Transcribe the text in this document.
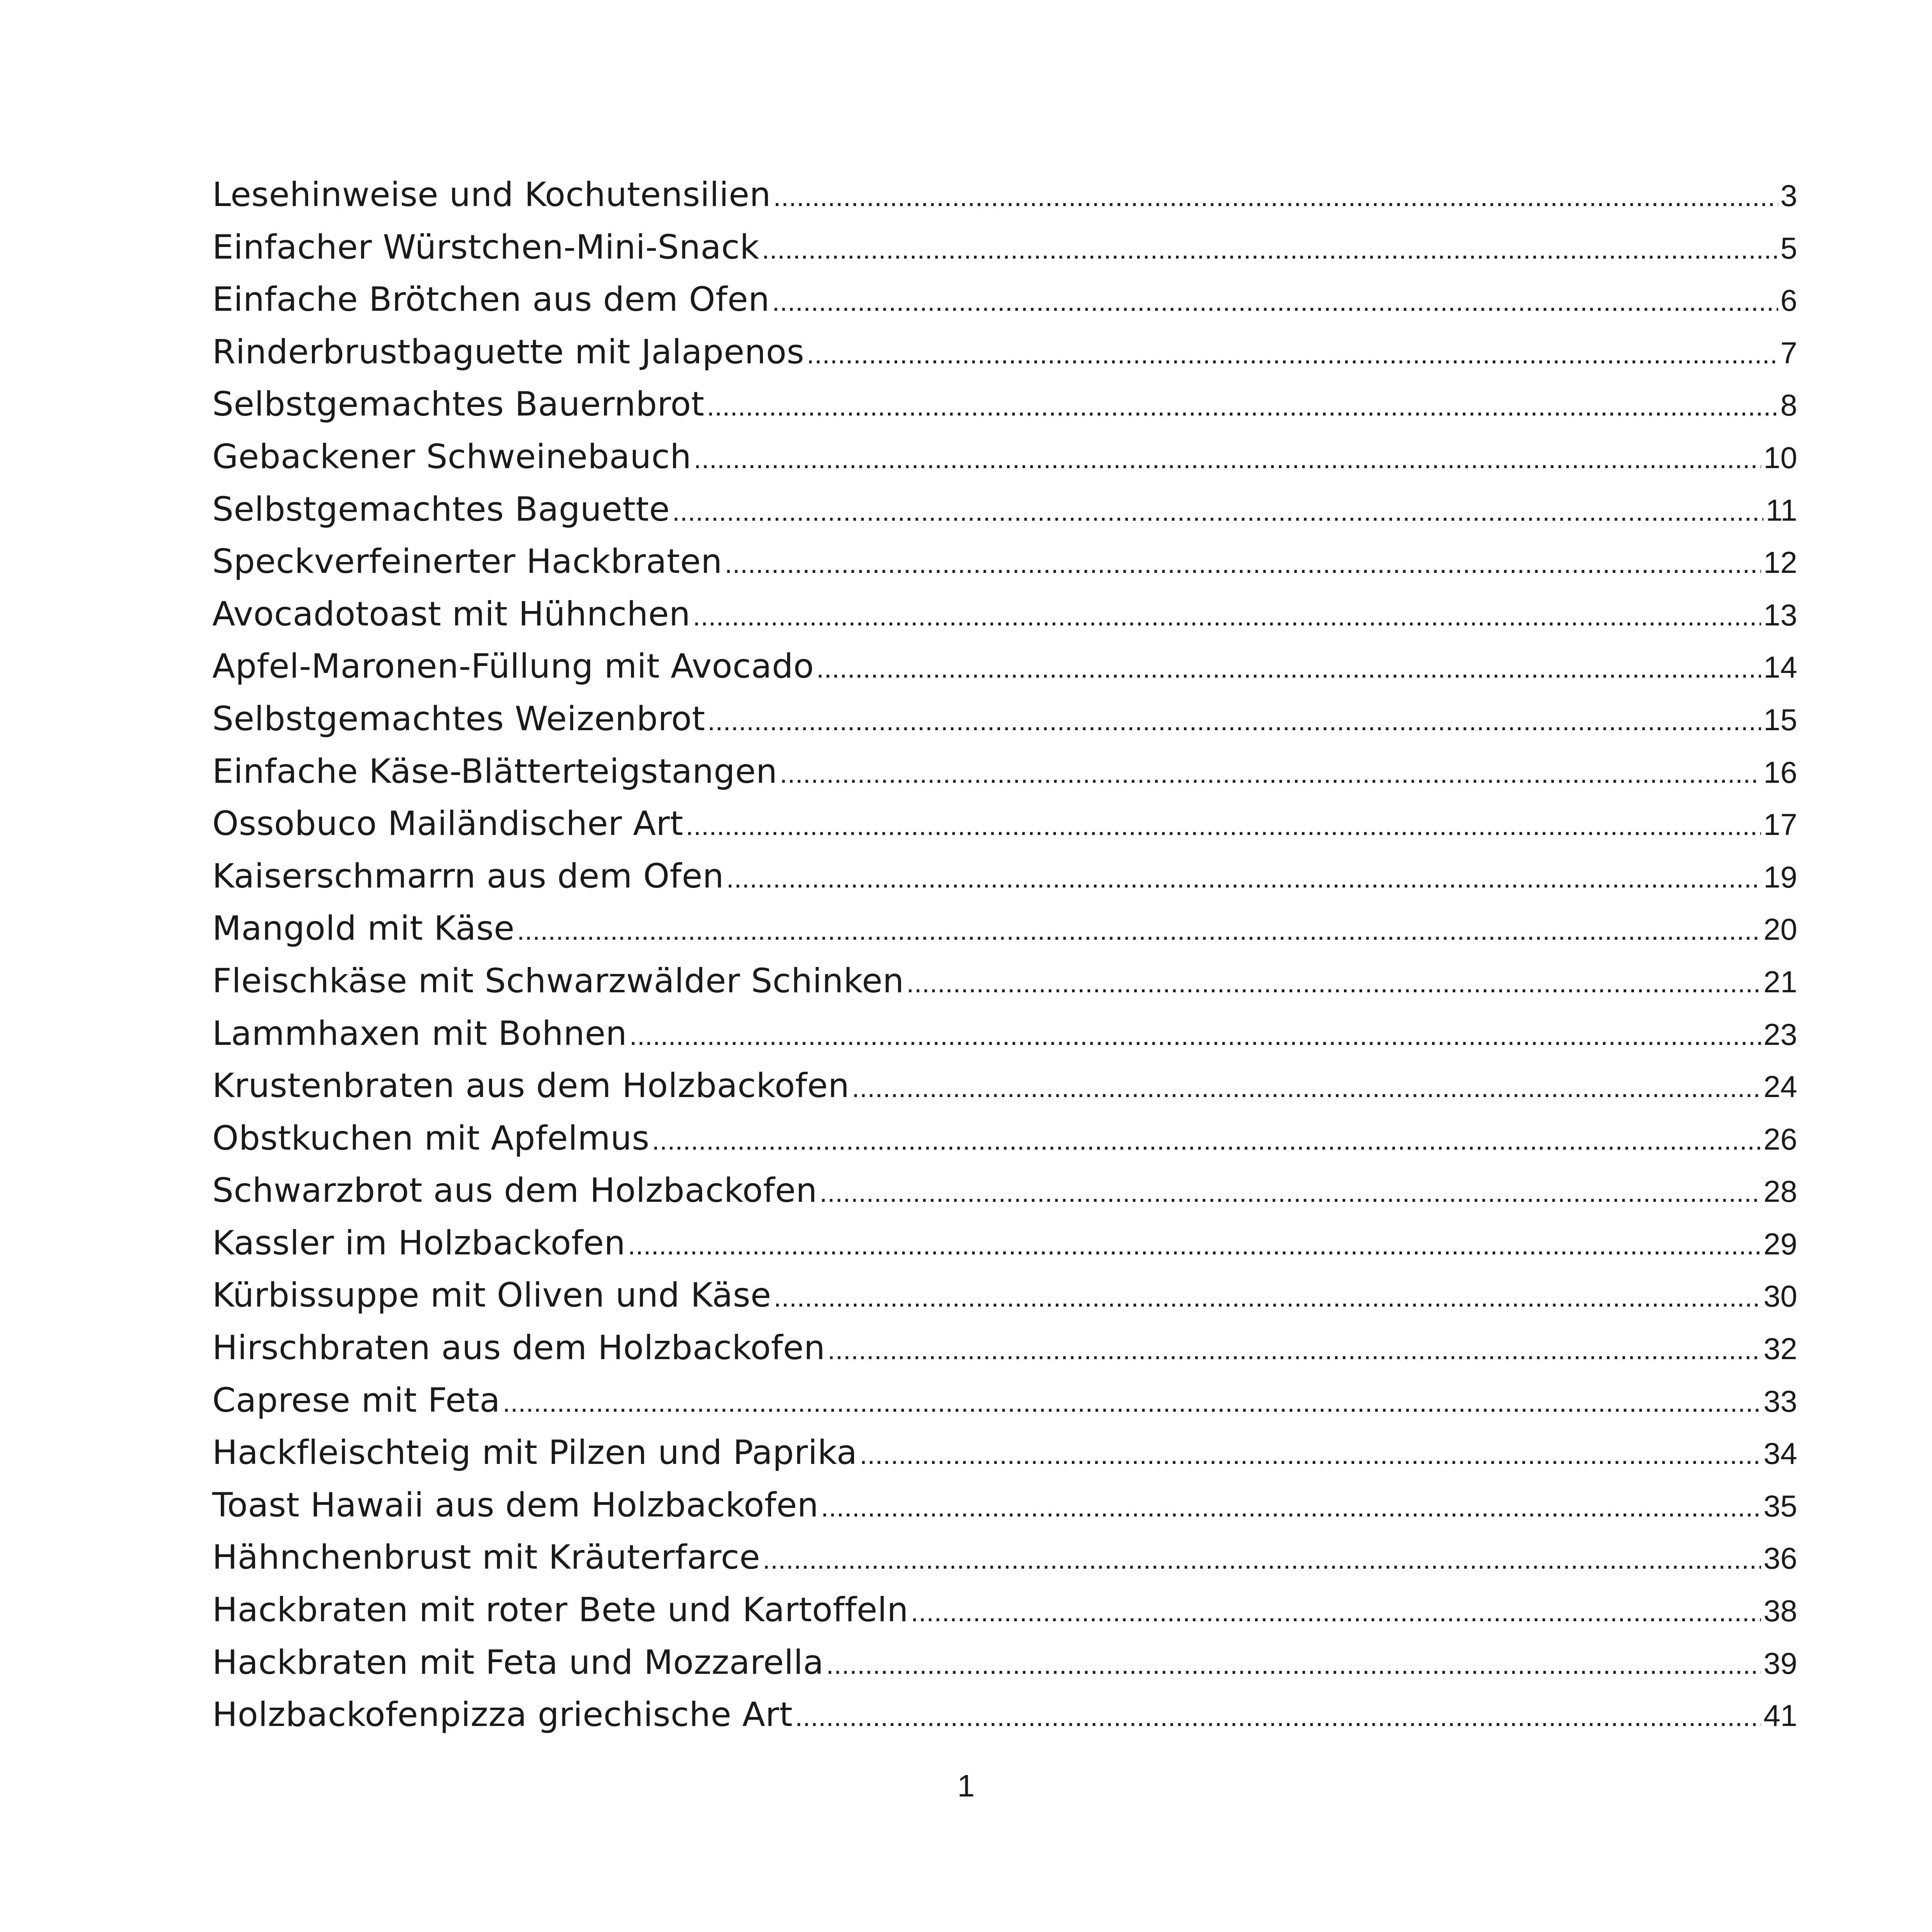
Lesehinweise und Kochutensilien .....	3
Einfacher Würstchen-Mini-Snack .....	5
Einfache Brötchen aus dem Ofen .....	6
Rinderbrustbaguette mit Jalapenos .....	7
Selbstgemachtes Bauernbrot .....	8
Gebackener Schweinebauch .....	10
Selbstgemachtes Baguette .....	11
Speckverfeinerter Hackbraten .....	12
Avocadotoast mit Hühnchen .....	13
Apfel-Maronen-Füllung mit Avocado .....	14
Selbstgemachtes Weizenbrot .....	15
Einfache Käse-Blätterteigstangen .....	16
Ossobuco Mailändischer Art .....	17
Kaiserschmarrn aus dem Ofen .....	19
Mangold mit Käse .....	20
Fleischkäse mit Schwarzwälder Schinken .....	21
Lammhaxen mit Bohnen .....	23
Krustenbraten aus dem Holzbackofen .....	24
Obstkuchen mit Apfelmus .....	26
Schwarzbrot aus dem Holzbackofen .....	28
Kassler im Holzbackofen .....	29
Kürbissuppe mit Oliven und Käse .....	30
Hirschbraten aus dem Holzbackofen .....	32
Caprese mit Feta .....	33
Hackfleischteig mit Pilzen und Paprika .....	34
Toast Hawaii aus dem Holzbackofen .....	35
Hähnchenbrust mit Kräuterfarce .....	36
Hackbraten mit roter Bete und Kartoffeln .....	38
Hackbraten mit Feta und Mozzarella .....	39
Holzbackofenpizza griechische Art .....	41
1
